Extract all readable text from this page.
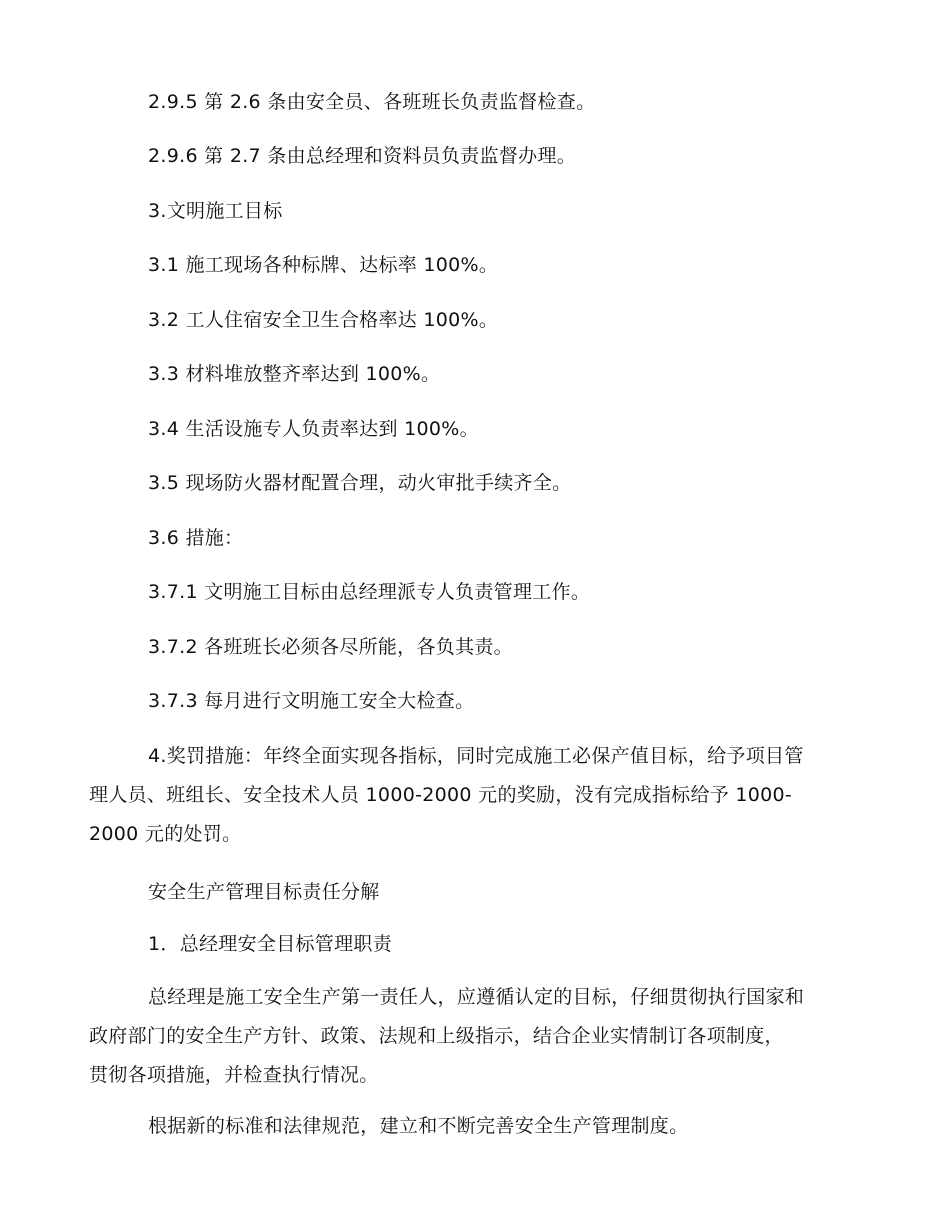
2.9.5 第 2.6 条由安全员、各班班长负责监督检查。
2.9.6 第 2.7 条由总经理和资料员负责监督办理。
3.文明施工目标
3.1 施工现场各种标牌、达标率 100%。
3.2 工人住宿安全卫生合格率达 100%。
3.3 材料堆放整齐率达到 100%。
3.4 生活设施专人负责率达到 100%。
3.5 现场防火器材配置合理，动火审批手续齐全。
3.6 措施：
3.7.1 文明施工目标由总经理派专人负责管理工作。
3.7.2 各班班长必须各尽所能，各负其责。
3.7.3 每月进行文明施工安全大检查。
4.奖罚措施：年终全面实现各指标，同时完成施工必保产值目标，给予项目管
理人员、班组长、安全技术人员 1000-2000 元的奖励，没有完成指标给予 1000-
2000 元的处罚。
安全生产管理目标责任分解
1．总经理安全目标管理职责
总经理是施工安全生产第一责任人，应遵循认定的目标，仔细贯彻执行国家和
政府部门的安全生产方针、政策、法规和上级指示，结合企业实情制订各项制度，
贯彻各项措施，并检查执行情况。
根据新的标准和法律规范，建立和不断完善安全生产管理制度。
